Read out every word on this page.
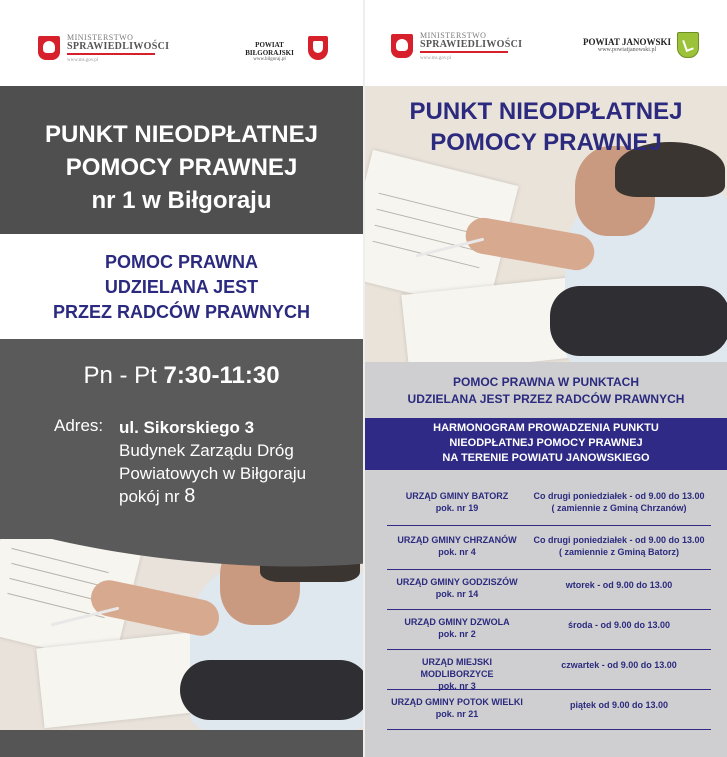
MINISTERSTWO
SPRAWIEDLIWOŚCI
www.ms.gov.pl
POWIAT BIŁGORAJSKI
www.bilgoraj.pl
PUNKT NIEODPŁATNEJ
POMOCY PRAWNEJ
nr 1 w Biłgoraju
POMOC PRAWNA
UDZIELANA JEST
PRZEZ RADCÓW PRAWNYCH
Pn - Pt 7:30-11:30
Adres: ul. Sikorskiego 3
Budynek Zarządu Dróg
Powiatowych w Biłgoraju
pokój nr 8
MINISTERSTWO
SPRAWIEDLIWOŚCI
www.ms.gov.pl
POWIAT JANOWSKI
www.powiatjanowski.pl
PUNKT NIEODPŁATNEJ
POMOCY PRAWNEJ
POMOC PRAWNA W PUNKTACH
UDZIELANA JEST PRZEZ RADCÓW PRAWNYCH
HARMONOGRAM PROWADZENIA PUNKTU
NIEODPŁATNEJ POMOCY PRAWNEJ
NA TERENIE POWIATU JANOWSKIEGO
URZĄD GMINY BATORZ
pok. nr 19
Co drugi poniedziałek - od 9.00 do 13.00
( zamiennie z Gminą Chrzanów)
URZĄD GMINY CHRZANÓW
pok. nr 4
Co drugi poniedziałek - od 9.00 do 13.00
( zamiennie z Gminą Batorz)
URZĄD GMINY GODZISZÓW
pok. nr 14
wtorek - od 9.00 do 13.00
URZĄD GMINY DZWOLA
pok. nr 2
środa - od 9.00 do 13.00
URZĄD MIEJSKI MODLIBORZYCE
pok. nr 3
czwartek - od 9.00 do 13.00
URZĄD GMINY POTOK WIELKI
pok. nr 21
piątek od 9.00 do 13.00
